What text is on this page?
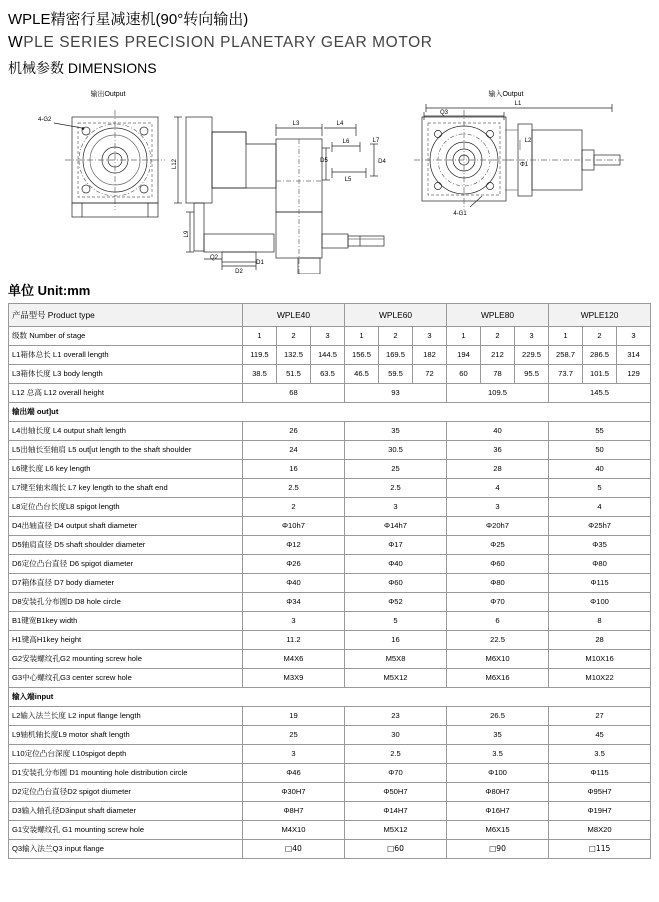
WPLE精密行星减速机(90°转向输出)
WPLE SERIES PRECISION PLANETARY GEAR MOTOR
机械参数 DIMENSIONS
输出Output	输入Output
4-G2
L12
L3	L4
L6	L7
D5
L5
D4
L9
D2
Q2
D1
Q3
L1
L2
Φ1
4-G1
单位 Unit:mm
产品型号 Product type	WPLE40			WPLE60			WPLE80			WPLE120		
级数 Number of stage	1	2	3	1	2	3	1	2	3	1	2	3
L1箱体总长 L1 overall length	119.5	132.5	144.5	156.5	169.5	182	194	212	229.5	258.7	286.5	314
L3箱体长度 L3 body length	38.5	51.5	63.5	46.5	59.5	72	60	78	95.5	73.7	101.5	129
L12 总高 L12 overall height	68			93			109.5			145.5		
输出端 out]ut												
L4出轴长度 L4 output shaft length	26			35			40			55		
L5出轴长至轴肩 L5 out[ut length to the shaft shoulder	24			30.5			36			50		
L6键长度 L6 key length	16			25			28			40		
L7键至轴末端长 L7 key length to the shaft end	2.5			2.5			4			5		
L8定位凸台长度L8 spigot length	2			3			3			4		
D4出轴直径 D4 output shaft diameter	Φ10h7			Φ14h7			Φ20h7			Φ25h7		
D5轴肩直径 D5 shaft shoulder diameter	Φ12			Φ17			Φ25			Φ35		
D6定位凸台直径 D6 spigot diameter	Φ26			Φ40			Φ60			Φ80		
D7箱体直径 D7 body diameter	Φ40			Φ60			Φ80			Φ115		
D8安装孔分布圆D D8 hole circle	Φ34			Φ52			Φ70			Φ100		
B1键宽B1key width	3			5			6			8		
H1键高H1key height	11.2			16			22.5			28		
G2安装螺纹孔G2 mounting screw hole	M4X6			M5X8			M6X10			M10X16		
G3中心螺纹孔G3 center screw hole	M3X9			M5X12			M6X16			M10X22		
输入端input												
L2输入法兰长度 L2 input flange length	19			23			26.5			27		
L9轴机轴长度L9 motor shaft length	25			30			35			45		
L10定位凸台深度 L10spigot depth	3			2.5			3.5			3.5		
D1安装孔分布圆 D1 mounting hole distribution circle	Φ46			Φ70			Φ100			Φ115		
D2定位凸台直径D2 spigot diumeter	Φ30H7			Φ50H7			Φ80H7			Φ95H7		
D3输入轴孔径D3input shaft diameter	Φ8H7			Φ14H7			Φ16H7			Φ19H7		
G1安装螺纹孔 G1 mounting screw hole	M4X10			M5X12			M6X15			M8X20		
Q3输入法兰Q3 input flange	□40			□60			□90			□115		
